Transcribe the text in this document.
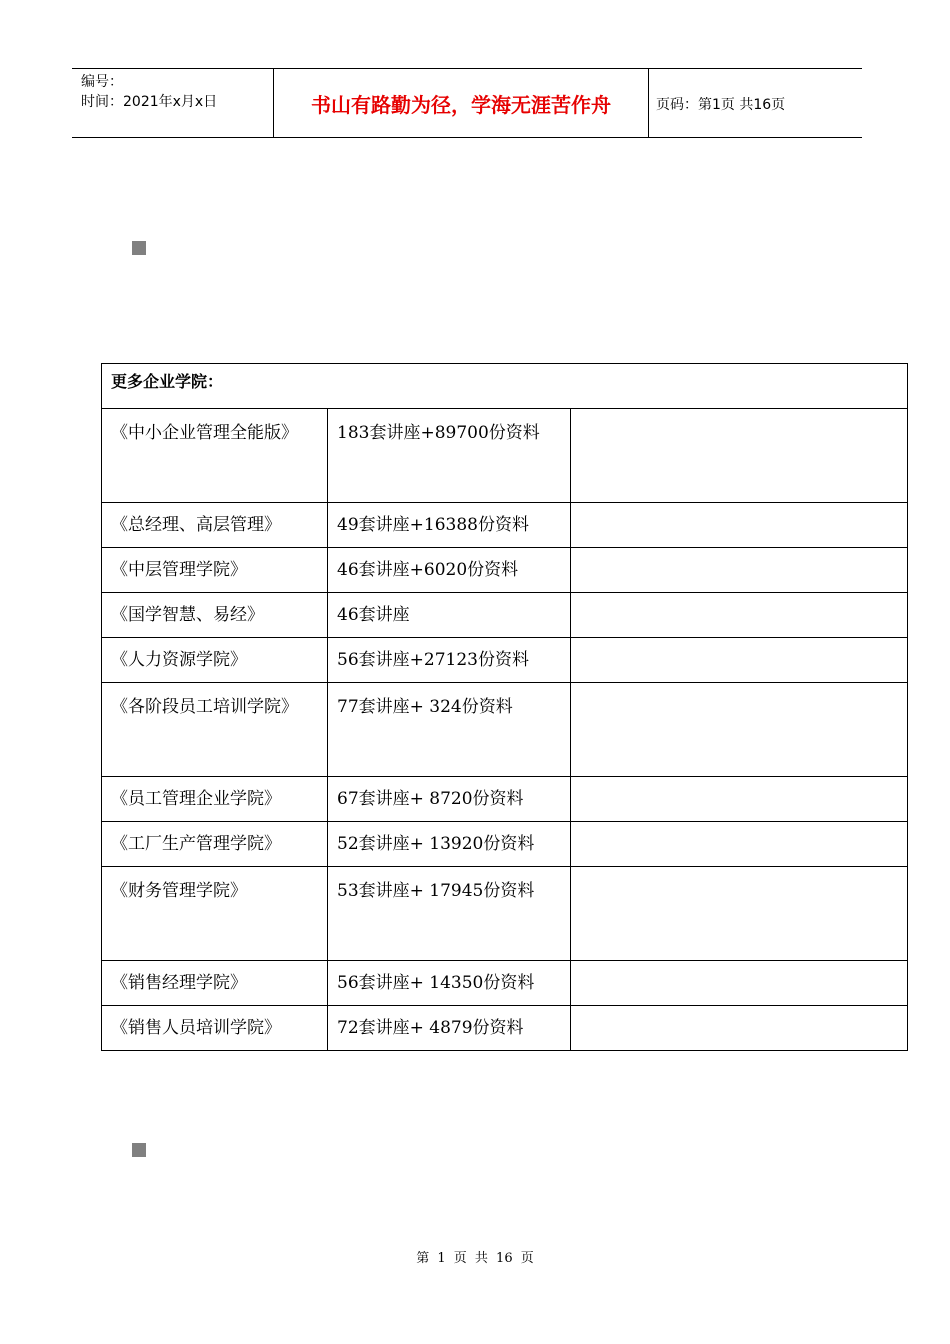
编号：
时间：2021年x月x日	书山有路勤为径，学海无涯苦作舟	页码：第1页 共16页
更多企业学院：		
《中小企业管理全能版》	183套讲座+89700份资料	
《总经理、高层管理》	49套讲座+16388份资料	
《中层管理学院》	46套讲座+6020份资料	
《国学智慧、易经》	46套讲座	
《人力资源学院》	56套讲座+27123份资料	
《各阶段员工培训学院》	77套讲座+ 324份资料	
《员工管理企业学院》	67套讲座+ 8720份资料	
《工厂生产管理学院》	52套讲座+ 13920份资料	
《财务管理学院》	53套讲座+ 17945份资料	
《销售经理学院》	56套讲座+ 14350份资料	
《销售人员培训学院》	72套讲座+ 4879份资料	
第 1 页 共 16 页
